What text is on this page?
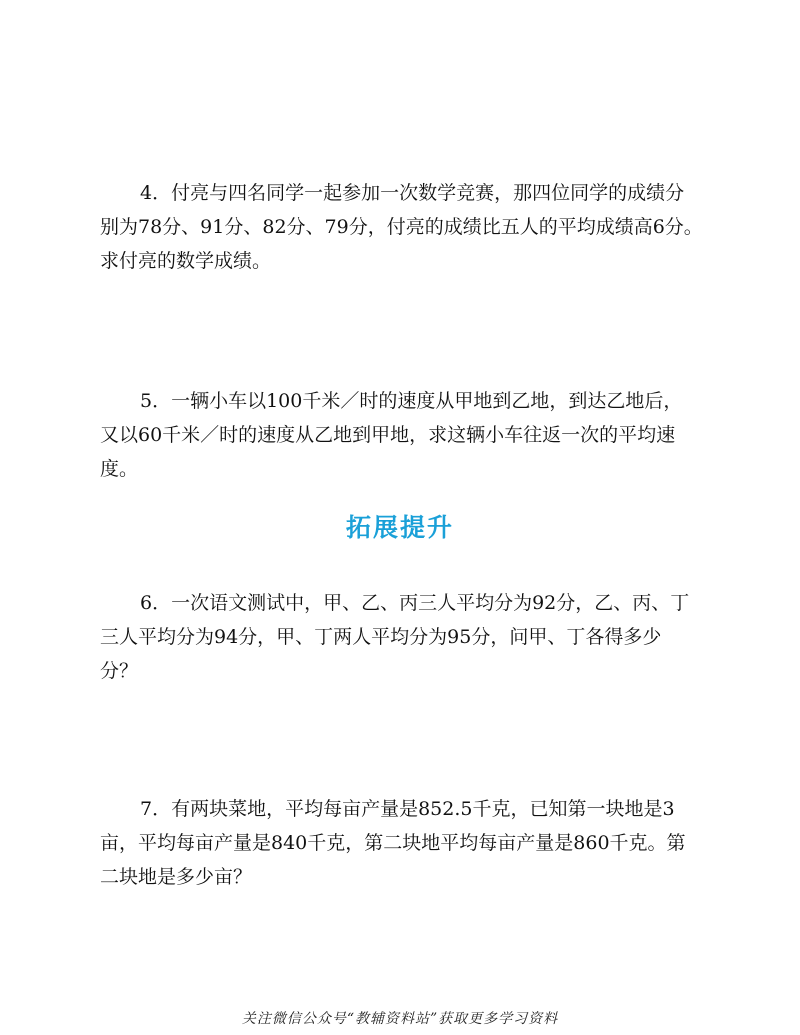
4．付亮与四名同学一起参加一次数学竞赛，那四位同学的成绩分
别为78分、91分、82分、79分，付亮的成绩比五人的平均成绩高6分。
求付亮的数学成绩。
5．一辆小车以100千米／时的速度从甲地到乙地，到达乙地后，
又以60千米／时的速度从乙地到甲地，求这辆小车往返一次的平均速
度。
拓展提升
6．一次语文测试中，甲、乙、丙三人平均分为92分，乙、丙、丁
三人平均分为94分，甲、丁两人平均分为95分，问甲、丁各得多少
分？
7．有两块菜地，平均每亩产量是852.5千克，已知第一块地是3
亩，平均每亩产量是840千克，第二块地平均每亩产量是860千克。第
二块地是多少亩？
关注微信公众号“教辅资料站”获取更多学习资料
